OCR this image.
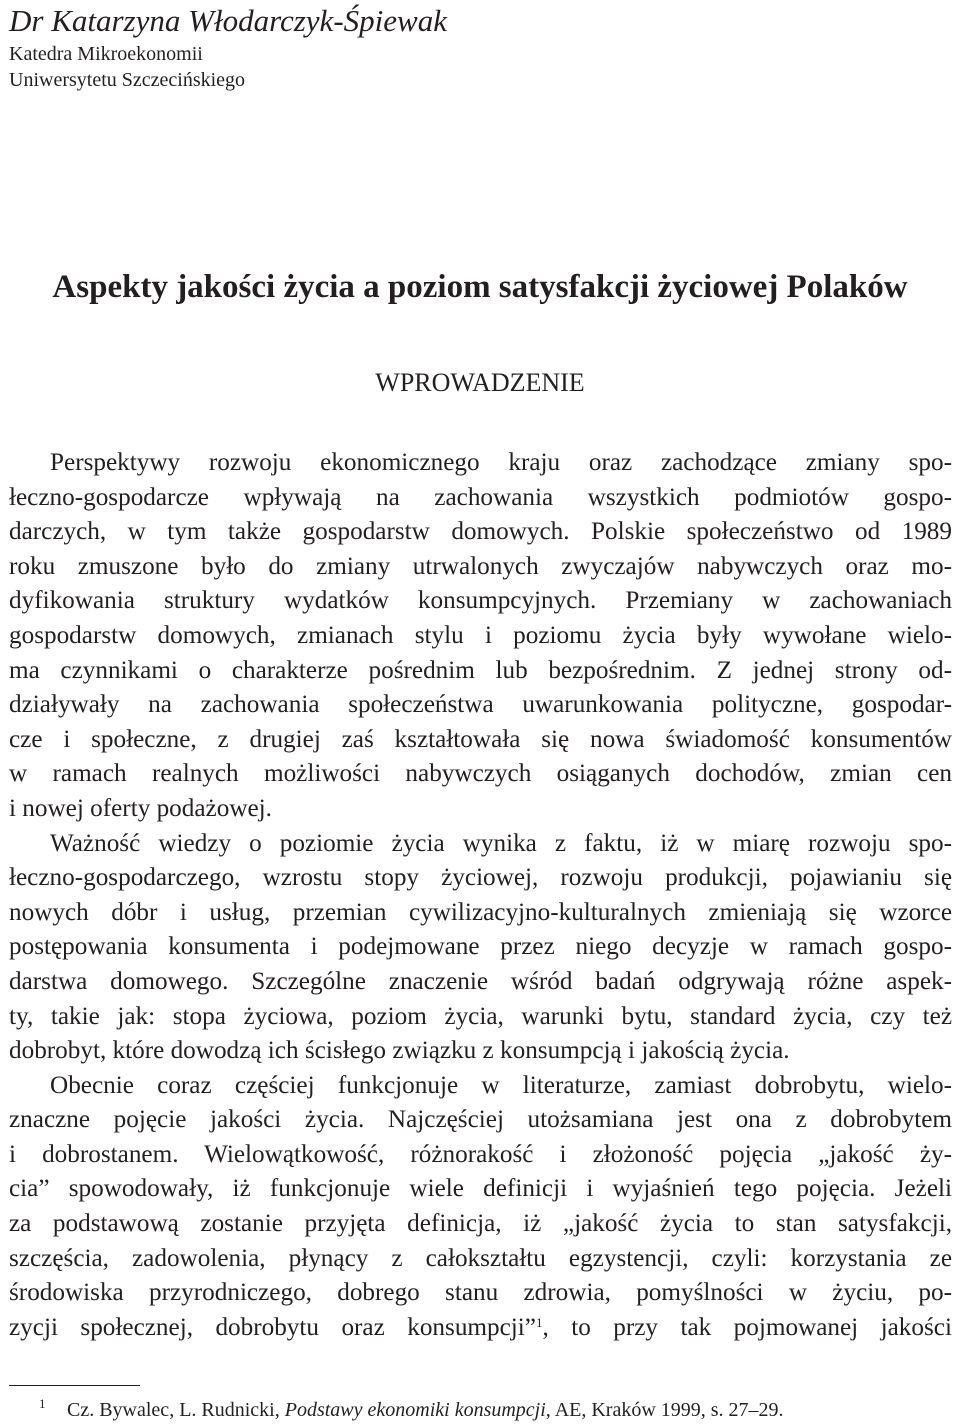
Dr Katarzyna Włodarczyk-Śpiewak
Katedra Mikroekonomii
Uniwersytetu Szczecińskiego
Aspekty jakości życia a poziom satysfakcji życiowej Polaków
WPROWADZENIE
Perspektywy rozwoju ekonomicznego kraju oraz zachodzące zmiany spo-
łeczno-gospodarcze wpływają na zachowania wszystkich podmiotów gospo-
darczych, w tym także gospodarstw domowych. Polskie społeczeństwo od 1989
roku zmuszone było do zmiany utrwalonych zwyczajów nabywczych oraz mo-
dyfikowania struktury wydatków konsumpcyjnych. Przemiany w zachowaniach
gospodarstw domowych, zmianach stylu i poziomu życia były wywołane wielo-
ma czynnikami o charakterze pośrednim lub bezpośrednim. Z jednej strony od-
działywały na zachowania społeczeństwa uwarunkowania polityczne, gospodar-
cze i społeczne, z drugiej zaś kształtowała się nowa świadomość konsumentów
w ramach realnych możliwości nabywczych osiąganych dochodów, zmian cen
i nowej oferty podażowej.
Ważność wiedzy o poziomie życia wynika z faktu, iż w miarę rozwoju spo-
łeczno-gospodarczego, wzrostu stopy życiowej, rozwoju produkcji, pojawianiu się
nowych dóbr i usług, przemian cywilizacyjno-kulturalnych zmieniają się wzorce
postępowania konsumenta i podejmowane przez niego decyzje w ramach gospo-
darstwa domowego. Szczególne znaczenie wśród badań odgrywają różne aspek-
ty, takie jak: stopa życiowa, poziom życia, warunki bytu, standard życia, czy też
dobrobyt, które dowodzą ich ścisłego związku z konsumpcją i jakością życia.
Obecnie coraz częściej funkcjonuje w literaturze, zamiast dobrobytu, wielo-
znaczne pojęcie jakości życia. Najczęściej utożsamiana jest ona z dobrobytem
i dobrostanem. Wielowątkowość, różnorakość i złożoność pojęcia „jakość ży-
cia” spowodowały, iż funkcjonuje wiele definicji i wyjaśnień tego pojęcia. Jeżeli
za podstawową zostanie przyjęta definicja, iż „jakość życia to stan satysfakcji,
szczęścia, zadowolenia, płynący z całokształtu egzystencji, czyli: korzystania ze
środowiska przyrodniczego, dobrego stanu zdrowia, pomyślności w życiu, po-
zycji społecznej, dobrobytu oraz konsumpcji”$^1$, to przy tak pojmowanej jakości

$^1$ Cz. Bywalec, L. Rudnicki, Podstawy ekonomiki konsumpcji, AE, Kraków 1999, s. 27–29.
